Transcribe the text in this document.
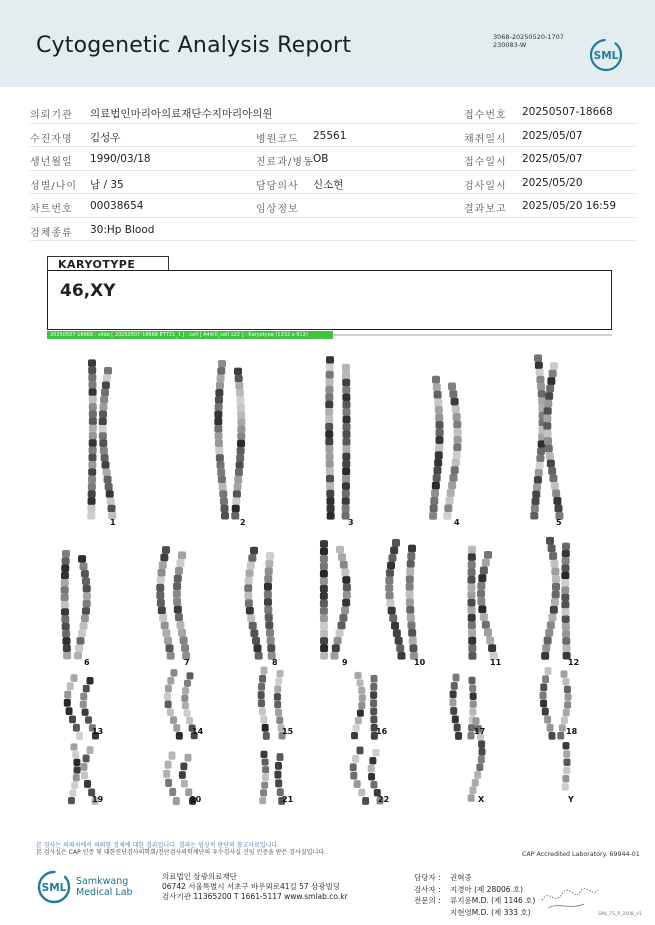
Cytogenetic Analysis Report	3068-20250520-1707
230083-W
SML
의뢰기관 의료법인마리아의료재단수지마리아의원	접수번호 20250507-18668
수진자명 김성우	병원코드 25561	채취일시 2025/05/07
생년월일 1990/03/18	진료과/병동 OB	접수일시 2025/05/07
성별/나이 남 / 35	담당의사 신소현	검사일시 2025/05/20
차트번호 00038654	임상정보	결과보고 2025/05/20 16:59
검체종류 30:Hp Blood
KARYOTYPE
46,XY
20250507-18668 : slide [ 20250507-18668 ET721_1 ] : cell [ A44/0_cell 122 ] : Karyotype (1232 x 912)
1	2	3	4	5
6	7	8	9	10	11	12
13	14	15	16	17	18
19	20	21	22	X	Y
본 검사는 의뢰처에서 의뢰한 검체에 대한 결과입니다. 결과는 임상적 판단의 참고자료입니다.
본 검사실은 CAP 인증 및 대한진단검사의학회/진단검사의학재단의 우수검사실 신임 인증을 받은 검사실입니다.	CAP Accredited Laboratory. 69944-01
SML
Samkwang
Medical Lab
의료법인 삼광의료재단
06742 서울특별시 서초구 바우뫼로41길 57 삼광빌딩
검사기관 11365200 T 1661-5117 www.smlab.co.kr
담당자 : 권혁중
검사자 : 지경아 (제 28006 호)
전문의 : 류지윤M.D. (제 1146 호)
지현영M.D. (제 333 호)	SML_TS_P_2408_V1
